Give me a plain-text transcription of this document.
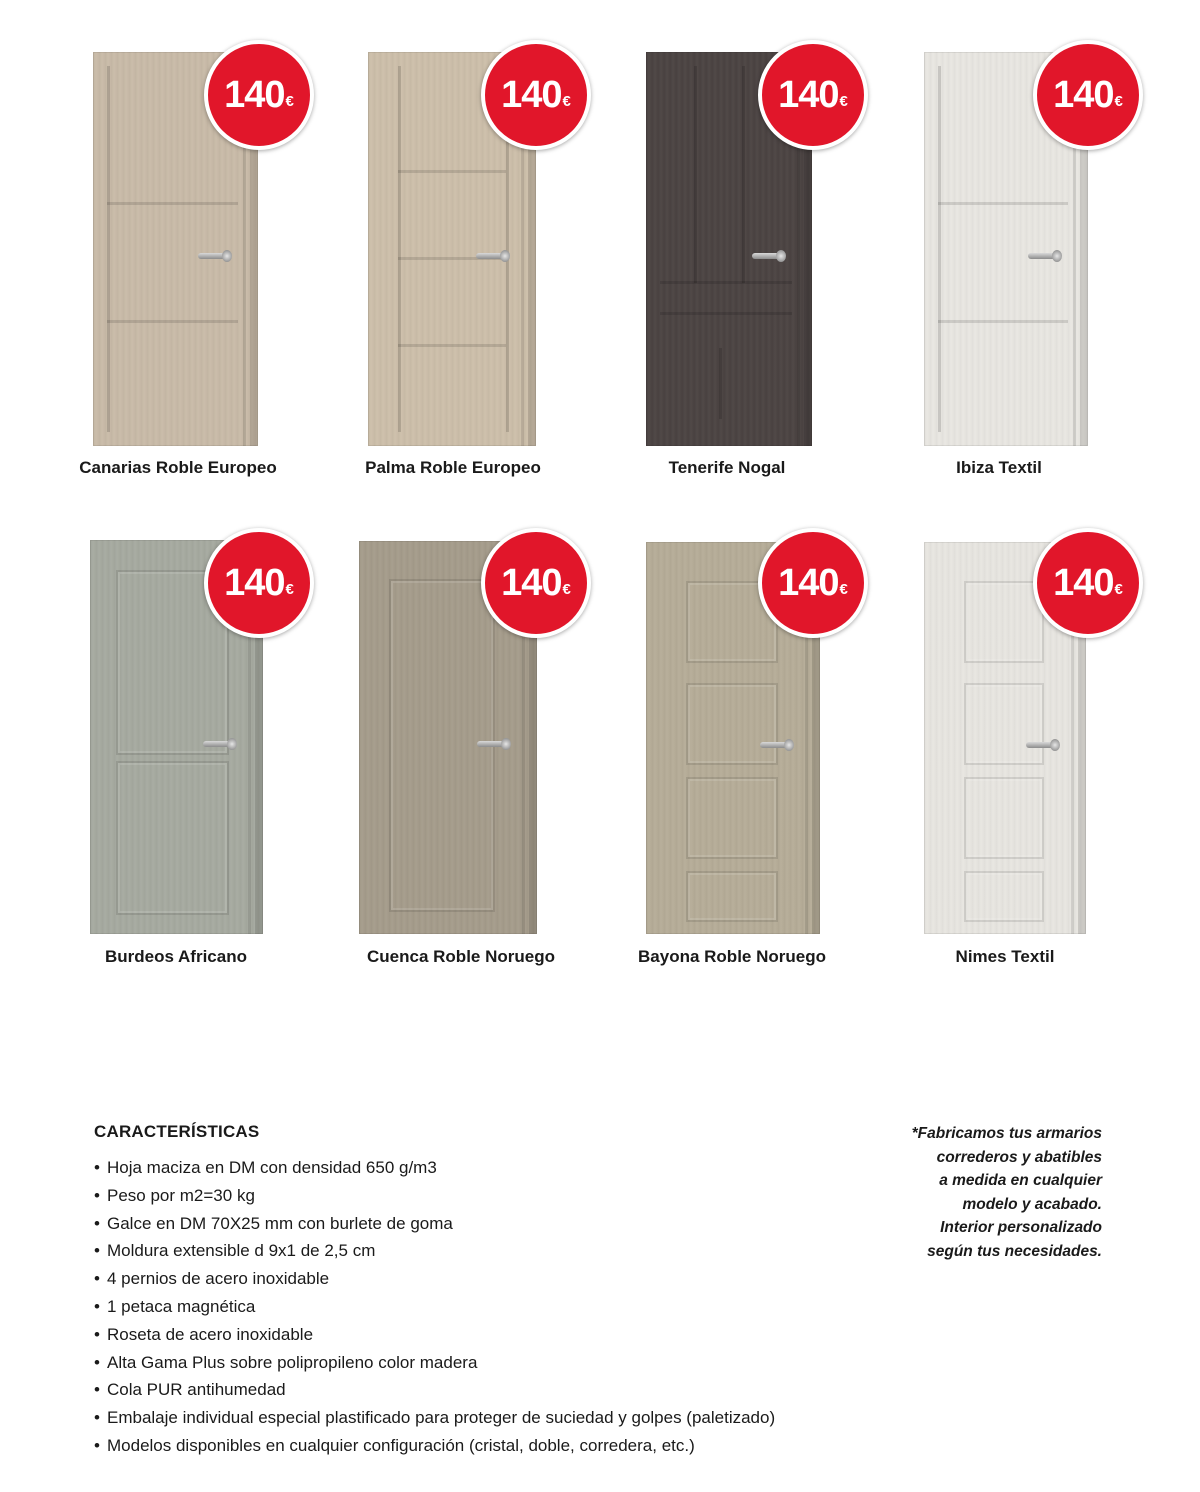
140 €
Canarias Roble Europeo
140 €
Palma Roble Europeo
140 €
Tenerife Nogal
140 €
Ibiza Textil
140 €
Burdeos Africano
140 €
Cuenca Roble Noruego
140 €
Bayona Roble Noruego
140 €
Nimes Textil
CARACTERÍSTICAS
• Hoja maciza en DM con densidad 650 g/m3
• Peso por m2=30 kg
• Galce en DM 70X25 mm con burlete de goma
• Moldura extensible d 9x1 de 2,5 cm
• 4 pernios de acero inoxidable
• 1 petaca magnética
• Roseta de acero inoxidable
• Alta Gama Plus sobre polipropileno color madera
• Cola PUR antihumedad
• Embalaje individual especial plastificado para proteger de suciedad y golpes (paletizado)
• Modelos disponibles en cualquier configuración (cristal, doble, corredera, etc.)
*Fabricamos tus armarios
correderos y abatibles
a medida en cualquier
modelo y acabado.
Interior personalizado
según tus necesidades.
